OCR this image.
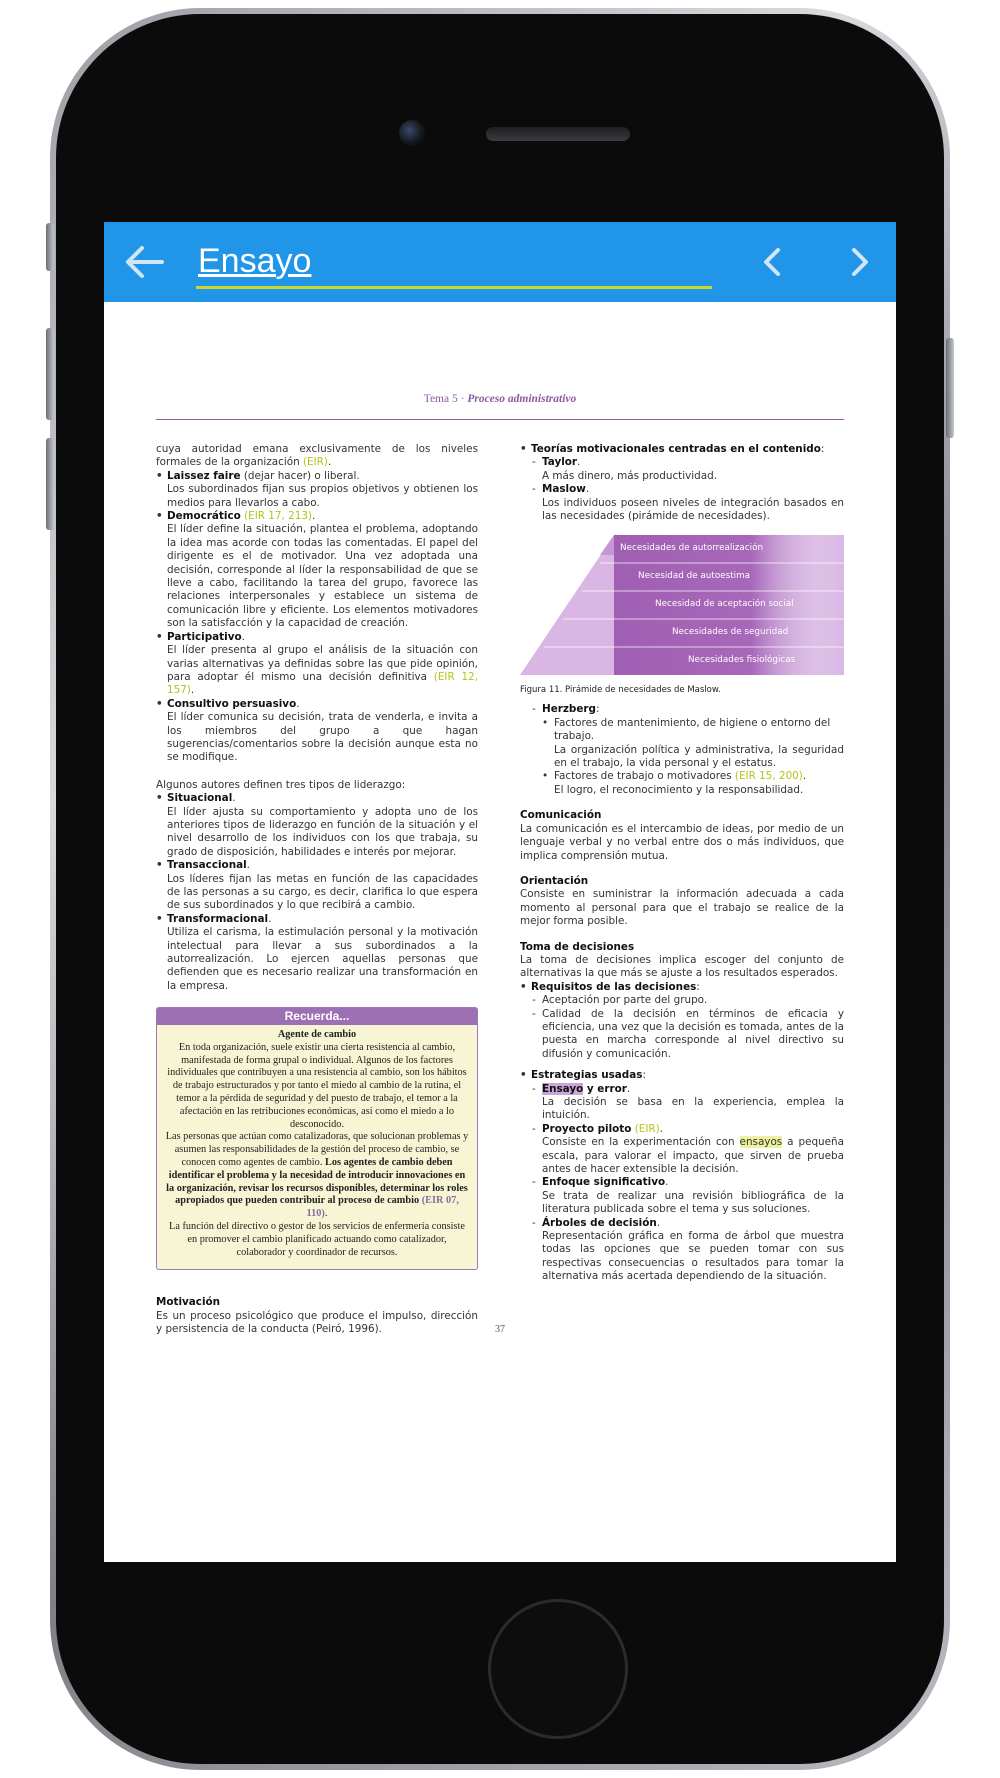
Ensayo
Tema 5 · Proceso administrativo
cuya autoridad emana exclusivamente de los niveles formales de la organización (EIR).
• Laissez faire (dejar hacer) o liberal.
Los subordinados fijan sus propios objetivos y obtienen los medios para llevarlos a cabo.
• Democrático (EIR 17, 213).
El líder define la situación, plantea el problema, adoptando la idea mas acorde con todas las comentadas. El papel del dirigente es el de motivador. Una vez adoptada una decisión, corresponde al líder la responsabilidad de que se lleve a cabo, facilitando la tarea del grupo, favorece las relaciones interpersonales y establece un sistema de comunicación libre y eficiente. Los elementos motivadores son la satisfacción y la capacidad de creación.
• Participativo.
El líder presenta al grupo el análisis de la situación con varias alternativas ya definidas sobre las que pide opinión, para adoptar él mismo una decisión definitiva (EIR 12, 157).
• Consultivo persuasivo.
El líder comunica su decisión, trata de venderla, e invita a los miembros del grupo a que hagan sugerencias/comentarios sobre la decisión aunque esta no se modifique.
Algunos autores definen tres tipos de liderazgo:
• Situacional.
El líder ajusta su comportamiento y adopta uno de los anteriores tipos de liderazgo en función de la situación y el nivel desarrollo de los individuos con los que trabaja, su grado de disposición, habilidades e interés por mejorar.
• Transaccional.
Los líderes fijan las metas en función de las capacidades de las personas a su cargo, es decir, clarifica lo que espera de sus subordinados y lo que recibirá a cambio.
• Transformacional.
Utiliza el carisma, la estimulación personal y la motivación intelectual para llevar a sus subordinados a la autorrealización. Lo ejercen aquellas personas que defienden que es necesario realizar una transformación en la empresa.
Recuerda...
Agente de cambio
En toda organización, suele existir una cierta resistencia al cambio, manifestada de forma grupal o individual. Algunos de los factores individuales que contribuyen a una resistencia al cambio, son los hábitos de trabajo estructurados y por tanto el miedo al cambio de la rutina, el temor a la pérdida de seguridad y del puesto de trabajo, el temor a la afectación en las retribuciones económicas, así como el miedo a lo desconocido.
Las personas que actúan como catalizadoras, que solucionan problemas y asumen las responsabilidades de la gestión del proceso de cambio, se conocen como agentes de cambio. Los agentes de cambio deben identificar el problema y la necesidad de introducir innovaciones en la organización, revisar los recursos disponibles, determinar los roles apropiados que pueden contribuir al proceso de cambio (EIR 07, 110).
La función del directivo o gestor de los servicios de enfermería consiste en promover el cambio planificado actuando como catalizador, colaborador y coordinador de recursos.
Motivación
Es un proceso psicológico que produce el impulso, dirección y persistencia de la conducta (Peiró, 1996).
• Teorías motivacionales centradas en el contenido:
- Taylor.
A más dinero, más productividad.
- Maslow.
Los individuos poseen niveles de integración basados en las necesidades (pirámide de necesidades).
Necesidades de autorrealización
Necesidad de autoestima
Necesidad de aceptación social
Necesidades de seguridad
Necesidades fisiológicas
Figura 11. Pirámide de necesidades de Maslow.
- Herzberg:
• Factores de mantenimiento, de higiene o entorno del trabajo.
La organización política y administrativa, la seguridad en el trabajo, la vida personal y el estatus.
• Factores de trabajo o motivadores (EIR 15, 200).
El logro, el reconocimiento y la responsabilidad.
Comunicación
La comunicación es el intercambio de ideas, por medio de un lenguaje verbal y no verbal entre dos o más individuos, que implica comprensión mutua.
Orientación
Consiste en suministrar la información adecuada a cada momento al personal para que el trabajo se realice de la mejor forma posible.
Toma de decisiones
La toma de decisiones implica escoger del conjunto de alternativas la que más se ajuste a los resultados esperados.
• Requisitos de las decisiones:
- Aceptación por parte del grupo.
- Calidad de la decisión en términos de eficacia y eficiencia, una vez que la decisión es tomada, antes de la puesta en marcha corresponde al nivel directivo su difusión y comunicación.
• Estrategias usadas:
- Ensayo y error.
La decisión se basa en la experiencia, emplea la intuición.
- Proyecto piloto (EIR).
Consiste en la experimentación con ensayos a pequeña escala, para valorar el impacto, que sirven de prueba antes de hacer extensible la decisión.
- Enfoque significativo.
Se trata de realizar una revisión bibliográfica de la literatura publicada sobre el tema y sus soluciones.
- Árboles de decisión.
Representación gráfica en forma de árbol que muestra todas las opciones que se pueden tomar con sus respectivas consecuencias o resultados para tomar la alternativa más acertada dependiendo de la situación.
37
